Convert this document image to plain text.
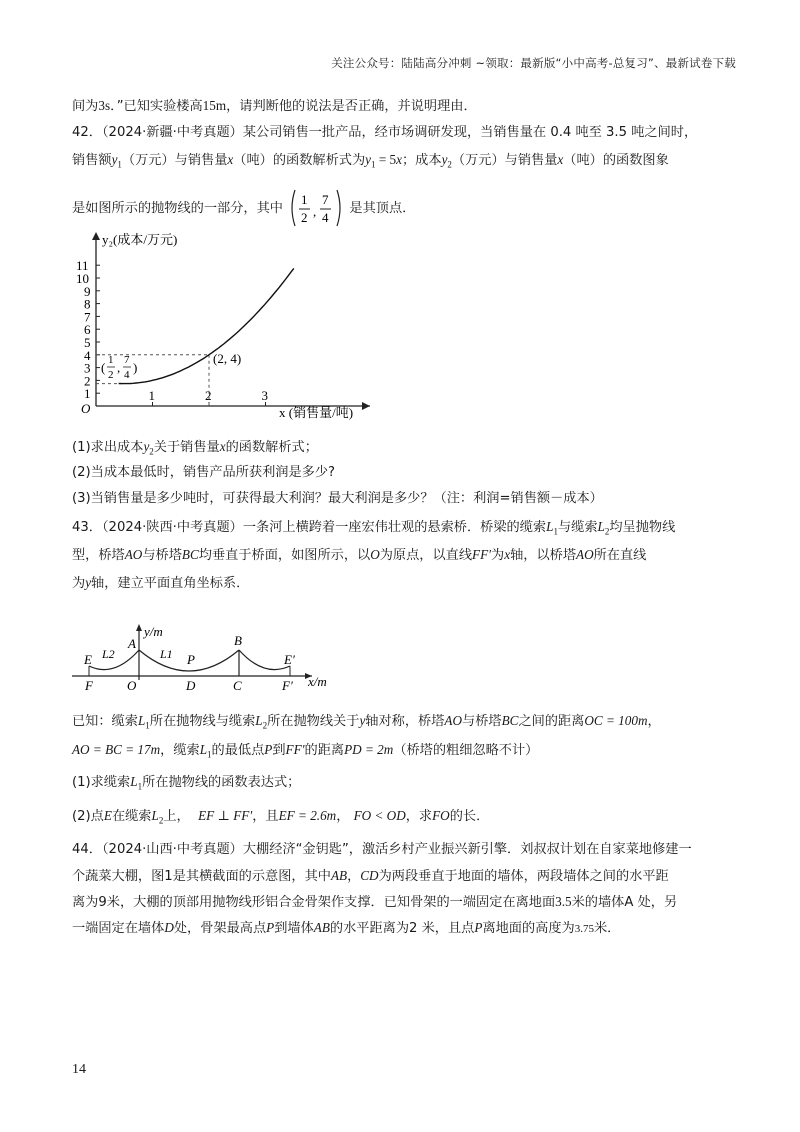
关注公众号：陆陆高分冲刺 ~领取：最新版“小中高考-总复习”、最新试卷下载
间为3s．”已知实验楼高15m，请判断他的说法是否正确，并说明理由．
42．（2024·新疆·中考真题）某公司销售一批产品，经市场调研发现，当销售量在 0.4 吨至 3.5 吨之间时，
销售额$y_1$（万元）与销售量x（吨）的函数解析式为$y_1 = 5x$；成本$y_2$（万元）与销售量x（吨）的函数图象
是如图所示的抛物线的一部分，其中
1
2 ,
7
4
是其顶点．
y₂(成本/万元)
x (销售量/吨)
O
1
2
3
4
5
6
7
8
9
10
11
1	2	3
(2, 4)
( 1
2 , 7
4 )
(1)求出成本$y_2$关于销售量x的函数解析式；
(2)当成本最低时，销售产品所获利润是多少?
(3)当销售量是多少吨时，可获得最大利润？最大利润是多少？（注：利润=销售额－成本）
43．（2024·陕西·中考真题）一条河上横跨着一座宏伟壮观的悬索桥．桥梁的缆索$L_1$与缆索$L_2$均呈抛物线
型，桥塔AO与桥塔BC均垂直于桥面，如图所示，以O为原点，以直线FF′为x轴，以桥塔AO所在直线
为y轴，建立平面直角坐标系．
y/m
x/m
A	B
E	E′
L2	L1 P
F	O	D	C	F′
已知：缆索$L_1$所在抛物线与缆索$L_2$所在抛物线关于y轴对称，桥塔AO与桥塔BC之间的距离OC = 100m，
AO = BC = 17m，缆索$L_1$的最低点P到FF′的距离PD = 2m（桥塔的粗细忽略不计）
(1)求缆索$L_1$所在抛物线的函数表达式；
(2)点E在缆索$L_2$上， EF ⊥ FF′，且EF = 2.6m， FO < OD，求FO的长．
44．（2024·山西·中考真题）大棚经济“金钥匙”，激活乡村产业振兴新引擎．刘叔叔计划在自家菜地修建一
个蔬菜大棚，图1是其横截面的示意图，其中AB，CD为两段垂直于地面的墙体，两段墙体之间的水平距
离为9米，大棚的顶部用抛物线形铝合金骨架作支撑．已知骨架的一端固定在离地面3.5米的墙体A 处，另
一端固定在墙体D处，骨架最高点P到墙体AB的水平距离为2 米，且点P离地面的高度为3.75米．
14
